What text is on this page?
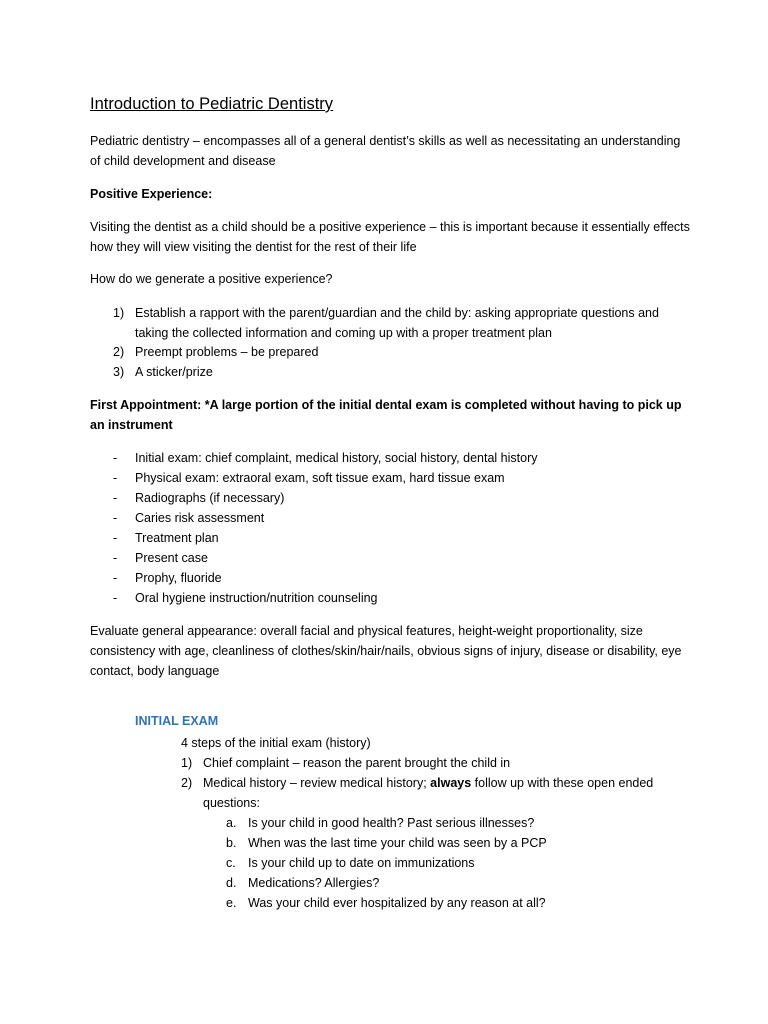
Introduction to Pediatric Dentistry
Pediatric dentistry – encompasses all of a general dentist’s skills as well as necessitating an understanding of child development and disease
Positive Experience:
Visiting the dentist as a child should be a positive experience – this is important because it essentially effects how they will view visiting the dentist for the rest of their life
How do we generate a positive experience?
1) Establish a rapport with the parent/guardian and the child by: asking appropriate questions and taking the collected information and coming up with a proper treatment plan
2) Preempt problems – be prepared
3) A sticker/prize
First Appointment: *A large portion of the initial dental exam is completed without having to pick up an instrument
- Initial exam: chief complaint, medical history, social history, dental history
- Physical exam: extraoral exam, soft tissue exam, hard tissue exam
- Radiographs (if necessary)
- Caries risk assessment
- Treatment plan
- Present case
- Prophy, fluoride
- Oral hygiene instruction/nutrition counseling
Evaluate general appearance: overall facial and physical features, height-weight proportionality, size consistency with age, cleanliness of clothes/skin/hair/nails, obvious signs of injury, disease or disability, eye contact, body language
INITIAL EXAM
4 steps of the initial exam (history)
1) Chief complaint – reason the parent brought the child in
2) Medical history – review medical history; always follow up with these open ended questions:
a. Is your child in good health? Past serious illnesses?
b. When was the last time your child was seen by a PCP
c. Is your child up to date on immunizations
d. Medications? Allergies?
e. Was your child ever hospitalized by any reason at all?
